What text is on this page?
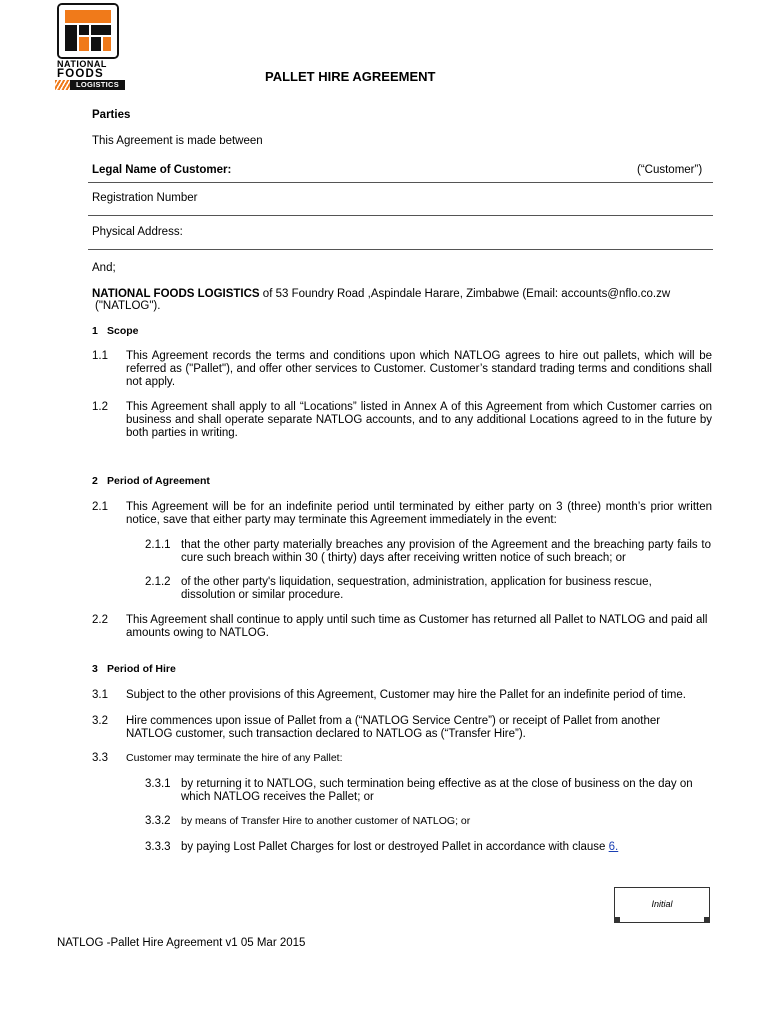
NATIONAL
FOODS
LOGISTICS
PALLET HIRE AGREEMENT
Parties
This Agreement is made between
Legal Name of Customer:	(“Customer”)
Registration Number
Physical Address:
And;
NATIONAL FOODS LOGISTICS of 53 Foundry Road ,Aspindale Harare, Zimbabwe (Email: accounts@nflo.co.zw
("NATLOG").
1 Scope
1.1 This Agreement records the terms and conditions upon which NATLOG agrees to hire out pallets, which will be referred as ("Pallet"), and offer other services to Customer. Customer’s standard trading terms and conditions shall not apply.
1.2 This Agreement shall apply to all “Locations” listed in Annex A of this Agreement from which Customer carries on business and shall operate separate NATLOG accounts, and to any additional Locations agreed to in the future by both parties in writing.
2 Period of Agreement
2.1 This Agreement will be for an indefinite period until terminated by either party on 3 (three) month’s prior written notice, save that either party may terminate this Agreement immediately in the event:
2.1.1 that the other party materially breaches any provision of the Agreement and the breaching party fails to cure such breach within 30 ( thirty) days after receiving written notice of such breach; or
2.1.2 of the other party's liquidation, sequestration, administration, application for business rescue, dissolution or similar procedure.
2.2 This Agreement shall continue to apply until such time as Customer has returned all Pallet to NATLOG and paid all amounts owing to NATLOG.
3 Period of Hire
3.1 Subject to the other provisions of this Agreement, Customer may hire the Pallet for an indefinite period of time.
3.2 Hire commences upon issue of Pallet from a (“NATLOG Service Centre”) or receipt of Pallet from another NATLOG customer, such transaction declared to NATLOG as (“Transfer Hire”).
3.3 Customer may terminate the hire of any Pallet:
3.3.1 by returning it to NATLOG, such termination being effective as at the close of business on the day on which NATLOG receives the Pallet; or
3.3.2 by means of Transfer Hire to another customer of NATLOG; or
3.3.3 by paying Lost Pallet Charges for lost or destroyed Pallet in accordance with clause 6.
Initial
NATLOG -Pallet Hire Agreement v1 05 Mar 2015
